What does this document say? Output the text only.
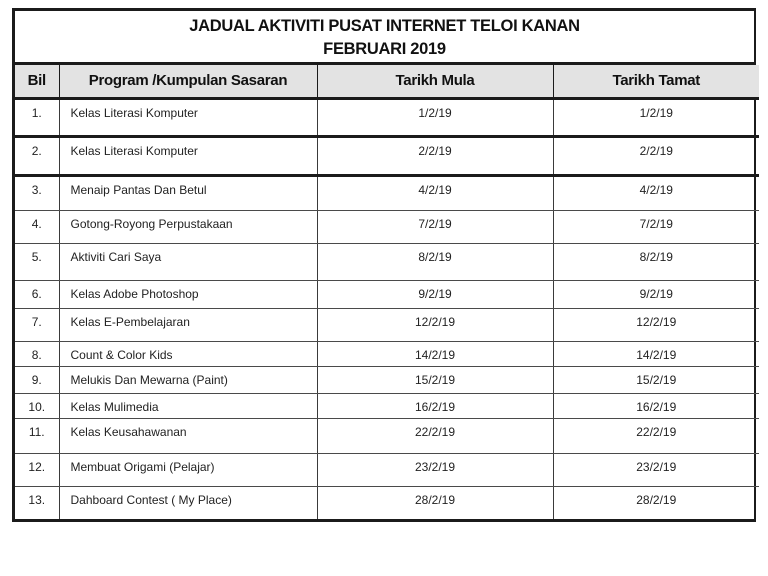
JADUAL AKTIVITI PUSAT INTERNET TELOI KANAN
FEBRUARI 2019
Bil	Program /Kumpulan Sasaran	Tarikh Mula	Tarikh Tamat
1.	Kelas Literasi Komputer	1/2/19	1/2/19
2.	Kelas Literasi Komputer	2/2/19	2/2/19
3.	Menaip Pantas Dan Betul	4/2/19	4/2/19
4.	Gotong-Royong Perpustakaan	7/2/19	7/2/19
5.	Aktiviti Cari Saya	8/2/19	8/2/19
6.	Kelas Adobe Photoshop	9/2/19	9/2/19
7.	Kelas E-Pembelajaran	12/2/19	12/2/19
8.	Count & Color Kids	14/2/19	14/2/19
9.	Melukis Dan Mewarna (Paint)	15/2/19	15/2/19
10.	Kelas Mulimedia	16/2/19	16/2/19
11.	Kelas Keusahawanan	22/2/19	22/2/19
12.	Membuat Origami (Pelajar)	23/2/19	23/2/19
13.	Dahboard Contest ( My Place)	28/2/19	28/2/19
